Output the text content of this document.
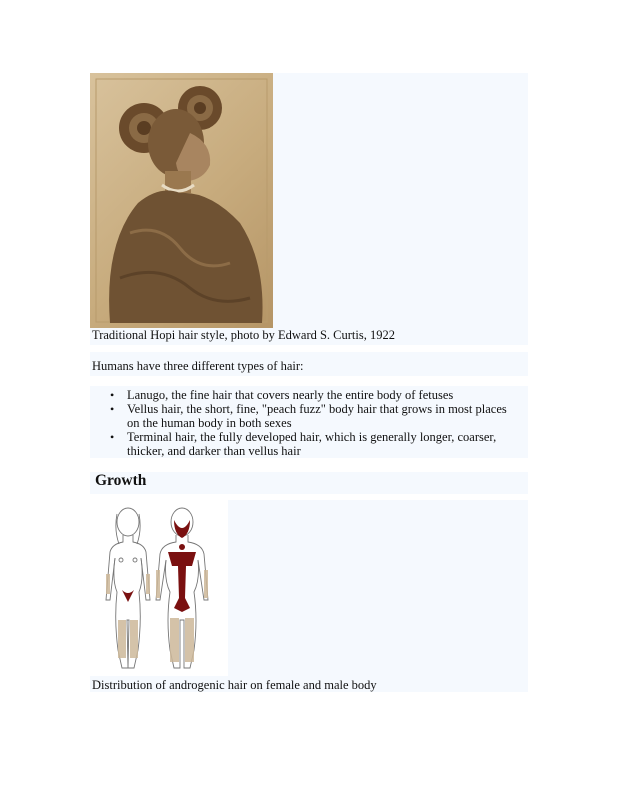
Traditional Hopi hair style, photo by Edward S. Curtis, 1922
Humans have three different types of hair:
• Lanugo, the fine hair that covers nearly the entire body of fetuses
• Vellus hair, the short, fine, "peach fuzz" body hair that grows in most places on the human body in both sexes
• Terminal hair, the fully developed hair, which is generally longer, coarser, thicker, and darker than vellus hair
Growth
Distribution of androgenic hair on female and male body
